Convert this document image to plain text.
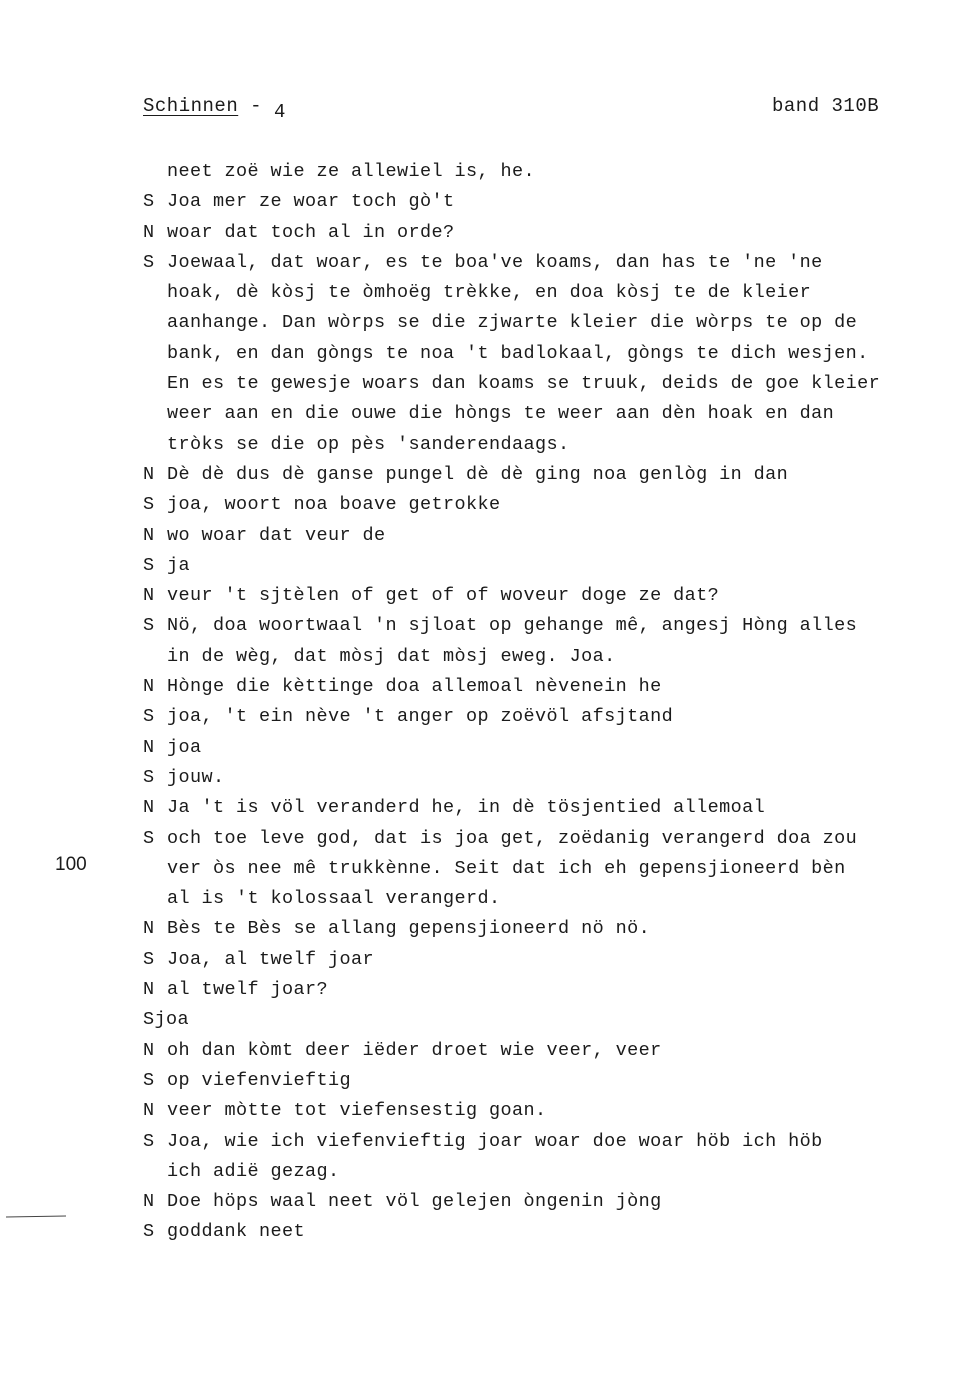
Schinnen - 4	band 310B
neet zoë wie ze allewiel is, he.
S Joa mer ze woar toch gò't
N woar dat toch al in orde?
S Joewaal, dat woar, es te boa've koams, dan has te 'ne 'ne
hoak, dè kòsj te òmhoëg trèkke, en doa kòsj te de kleier
aanhange. Dan wòrps se die zjwarte kleier die wòrps te op de
bank, en dan gòngs te noa 't badlokaal, gòngs te dich wesjen.
En es te gewesje woars dan koams se truuk, deids de goe kleier
weer aan en die ouwe die hòngs te weer aan dèn hoak en dan
tròks se die op pès 'sanderendaags.
N Dè dè dus dè ganse pungel dè dè ging noa genlòg in dan
S joa, woort noa boave getrokke
N wo woar dat veur de
S ja
N veur 't sjtèlen of get of of woveur doge ze dat?
S Nö, doa woortwaal 'n sjloat op gehange mê, angesj Hòng alles
in de wèg, dat mòsj dat mòsj eweg. Joa.
N Hònge die kèttinge doa allemoal nèvenein he
S joa, 't ein nève 't anger op zoëvöl afsjtand
N joa
S jouw.
N Ja 't is völ veranderd he, in dè tösjentied allemoal
S och toe leve god, dat is joa get, zoëdanig verangerd doa zou
ver òs nee mê trukkènne. Seit dat ich eh gepensjioneerd bèn
al is 't kolossaal verangerd.
N Bès te Bès se allang gepensjioneerd nö nö.
S Joa, al twelf joar
N al twelf joar?
Sjoa
N oh dan kòmt deer iëder droet wie veer, veer
S op viefenvieftig
N veer mòtte tot viefensestig goan.
S Joa, wie ich viefenvieftig joar woar doe woar höb ich höb
ich adië gezag.
N Doe höps waal neet völ gelejen òngenin jòng
S goddank neet
100
